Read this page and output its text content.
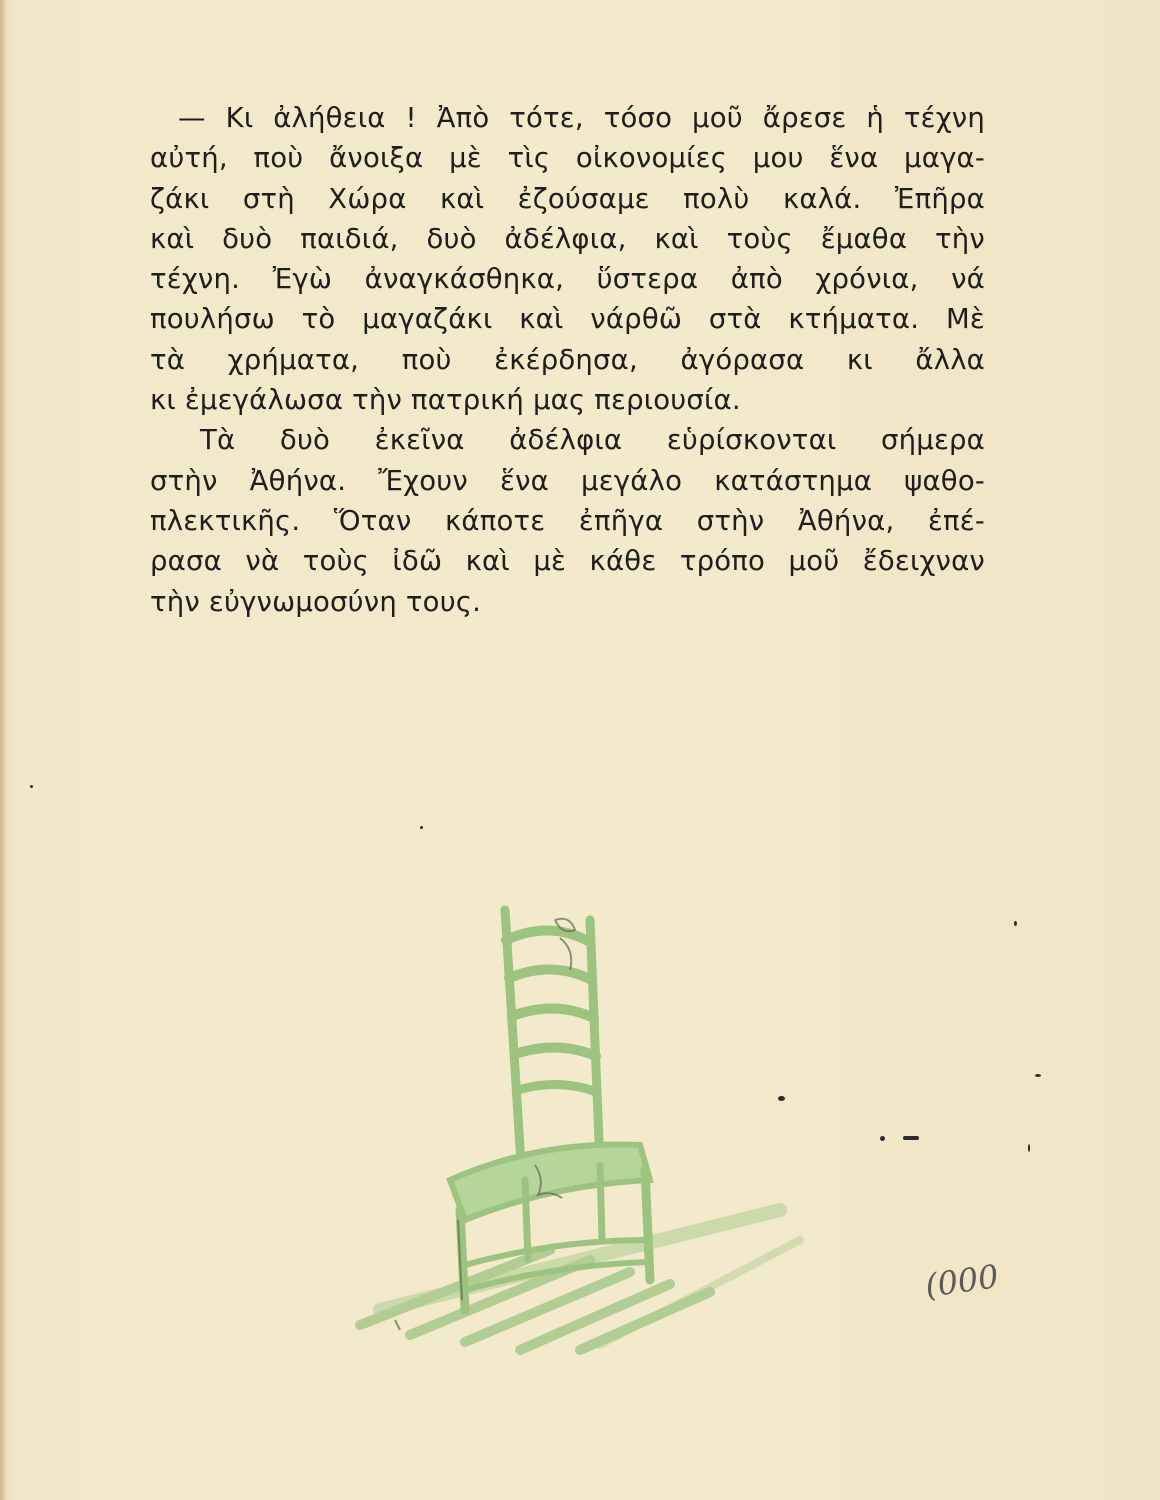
— Κι ἀλήθεια ! Ἀπὸ τότε, τόσο μοῦ ἄρεσε ἡ τέχνη
αὐτή, ποὺ ἄνοιξα μὲ τὶς οἰκονομίες μου ἕνα μαγα-
ζάκι στὴ Χώρα καὶ ἐζούσαμε πολὺ καλά. Ἐπῆρα
καὶ δυὸ παιδιά, δυὸ ἀδέλφια, καὶ τοὺς ἔμαθα τὴν
τέχνη. Ἐγὼ ἀναγκάσθηκα, ὕστερα ἀπὸ χρόνια, νά
πουλήσω τὸ μαγαζάκι καὶ νάρθῶ στὰ κτήματα. Μὲ
τὰ χρήματα, ποὺ ἐκέρδησα, ἀγόρασα κι ἄλλα
κι ἐμεγάλωσα τὴν πατρική μας περιουσία.

Τὰ δυὸ ἐκεῖνα ἀδέλφια εὑρίσκονται σήμερα
στὴν Ἀθήνα. Ἔχουν ἕνα μεγάλο κατάστημα ψαθο-
πλεκτικῆς. Ὅταν κάποτε ἐπῆγα στὴν Ἀθήνα, ἐπέ-
ρασα νὰ τοὺς ἰδῶ καὶ μὲ κάθε τρόπο μοῦ ἔδειχναν
τὴν εὐγνωμοσύνη τους.

(000
